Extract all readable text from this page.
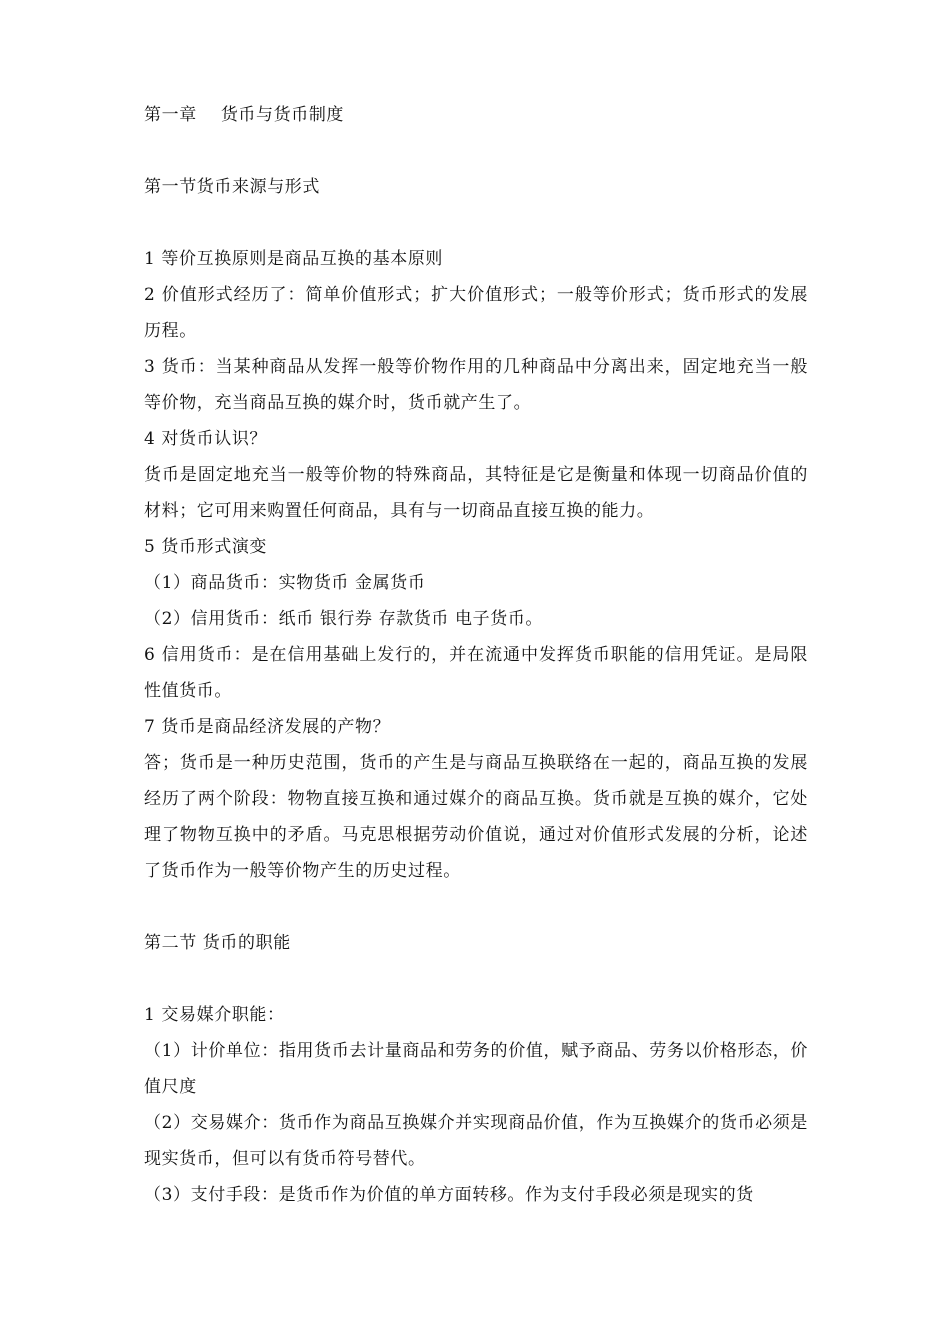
第一章    货币与货币制度

第一节货币来源与形式

1 等价互换原则是商品互换的基本原则

2 价值形式经历了：简单价值形式；扩大价值形式；一般等价形式；货币形式的发展历程。

3 货币：当某种商品从发挥一般等价物作用的几种商品中分离出来，固定地充当一般等价物，充当商品互换的媒介时，货币就产生了。

4 对货币认识？

货币是固定地充当一般等价物的特殊商品，其特征是它是衡量和体现一切商品价值的材料；它可用来购置任何商品，具有与一切商品直接互换的能力。

5 货币形式演变

（1）商品货币：实物货币 金属货币

（2）信用货币：纸币 银行券 存款货币 电子货币。

6 信用货币：是在信用基础上发行的，并在流通中发挥货币职能的信用凭证。是局限性值货币。

7 货币是商品经济发展的产物？

答；货币是一种历史范围，货币的产生是与商品互换联络在一起的，商品互换的发展经历了两个阶段：物物直接互换和通过媒介的商品互换。货币就是互换的媒介，它处理了物物互换中的矛盾。马克思根据劳动价值说，通过对价值形式发展的分析，论述了货币作为一般等价物产生的历史过程。

第二节 货币的职能

1 交易媒介职能：

（1）计价单位：指用货币去计量商品和劳务的价值，赋予商品、劳务以价格形态，价值尺度

（2）交易媒介：货币作为商品互换媒介并实现商品价值，作为互换媒介的货币必须是现实货币，但可以有货币符号替代。

（3）支付手段：是货币作为价值的单方面转移。作为支付手段必须是现实的货
